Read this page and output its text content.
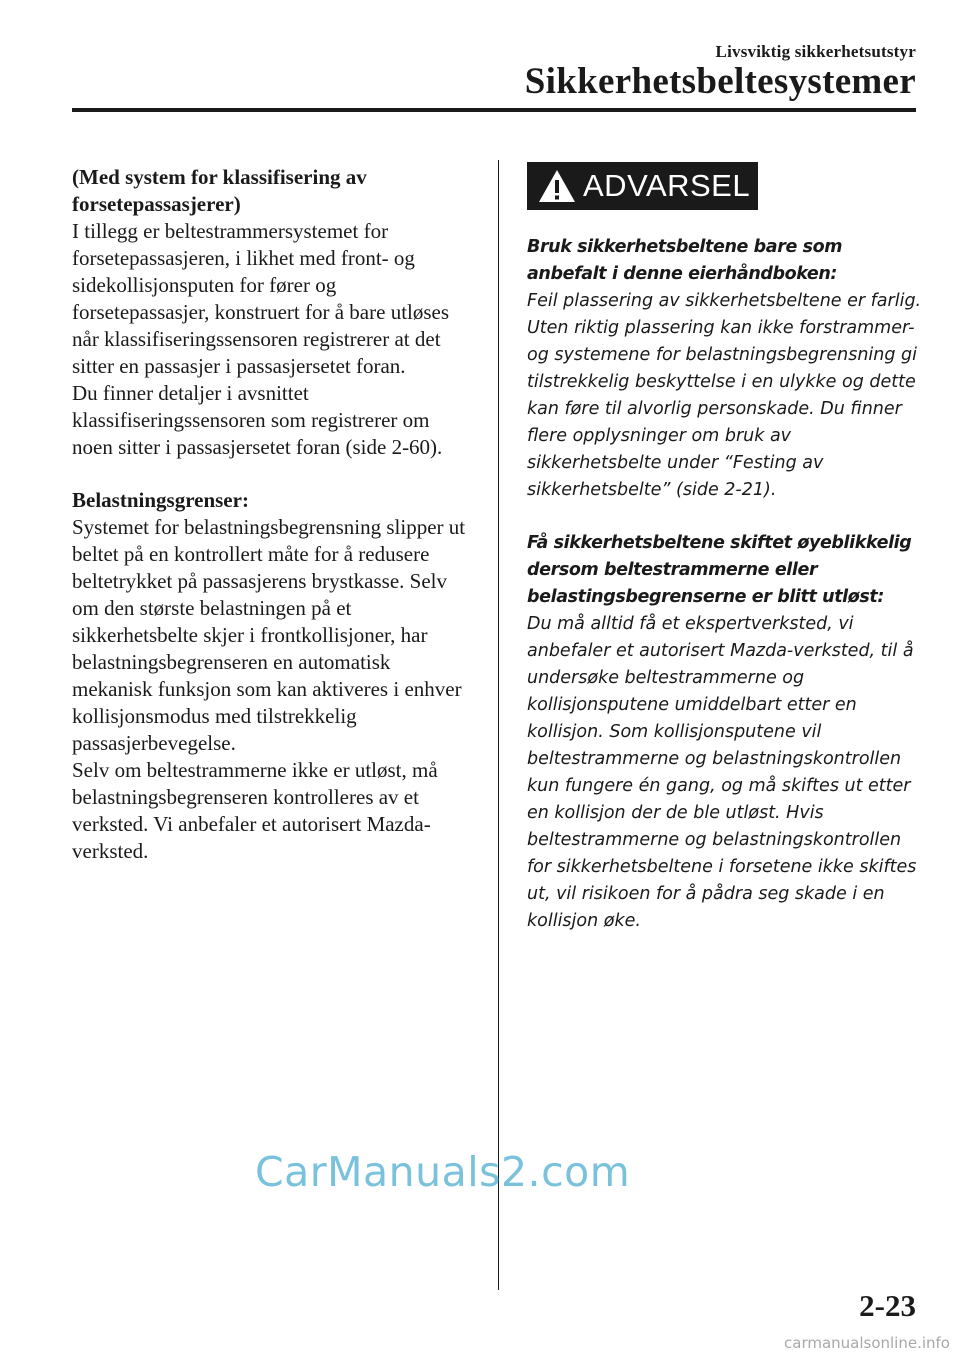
Livsviktig sikkerhetsutstyr
Sikkerhetsbeltesystemer

(Med system for klassifisering av forsetepassasjerer)

I tillegg er beltestrammersystemet for forsetepassasjeren, i likhet med front- og sidekollisjonsputen for fører og forsetepassasjer, konstruert for å bare utløses når klassifiseringssensoren registrerer at det sitter en passasjer i passasjersetet foran.

Du finner detaljer i avsnittet klassifiseringssensoren som registrerer om noen sitter i passasjersetet foran (side 2-60).

Belastningsgrenser:

Systemet for belastningsbegrensning slipper ut beltet på en kontrollert måte for å redusere beltetrykket på passasjerens brystkasse. Selv om den største belastningen på et sikkerhetsbelte skjer i frontkollisjoner, har belastningsbegrenseren en automatisk mekanisk funksjon som kan aktiveres i enhver kollisjonsmodus med tilstrekkelig passasjerbevegelse.

Selv om beltestrammerne ikke er utløst, må belastningsbegrenseren kontrolleres av et verksted. Vi anbefaler et autorisert Mazda-verksted.

ADVARSEL

Bruk sikkerhetsbeltene bare som anbefalt i denne eierhåndboken:

Feil plassering av sikkerhetsbeltene er farlig. Uten riktig plassering kan ikke forstrammer- og systemene for belastningsbegrensning gi tilstrekkelig beskyttelse i en ulykke og dette kan føre til alvorlig personskade. Du finner flere opplysninger om bruk av sikkerhetsbelte under “Festing av sikkerhetsbelte” (side 2-21).

Få sikkerhetsbeltene skiftet øyeblikkelig dersom beltestrammerne eller belastingsbegrenserne er blitt utløst:

Du må alltid få et ekspertverksted, vi anbefaler et autorisert Mazda-verksted, til å undersøke beltestrammerne og kollisjonsputene umiddelbart etter en kollisjon. Som kollisjonsputene vil beltestrammerne og belastningskontrollen kun fungere én gang, og må skiftes ut etter en kollisjon der de ble utløst. Hvis beltestrammerne og belastningskontrollen for sikkerhetsbeltene i forsetene ikke skiftes ut, vil risikoen for å pådra seg skade i en kollisjon øke.

CarManuals2.com
2-23
carmanualsonline.info
